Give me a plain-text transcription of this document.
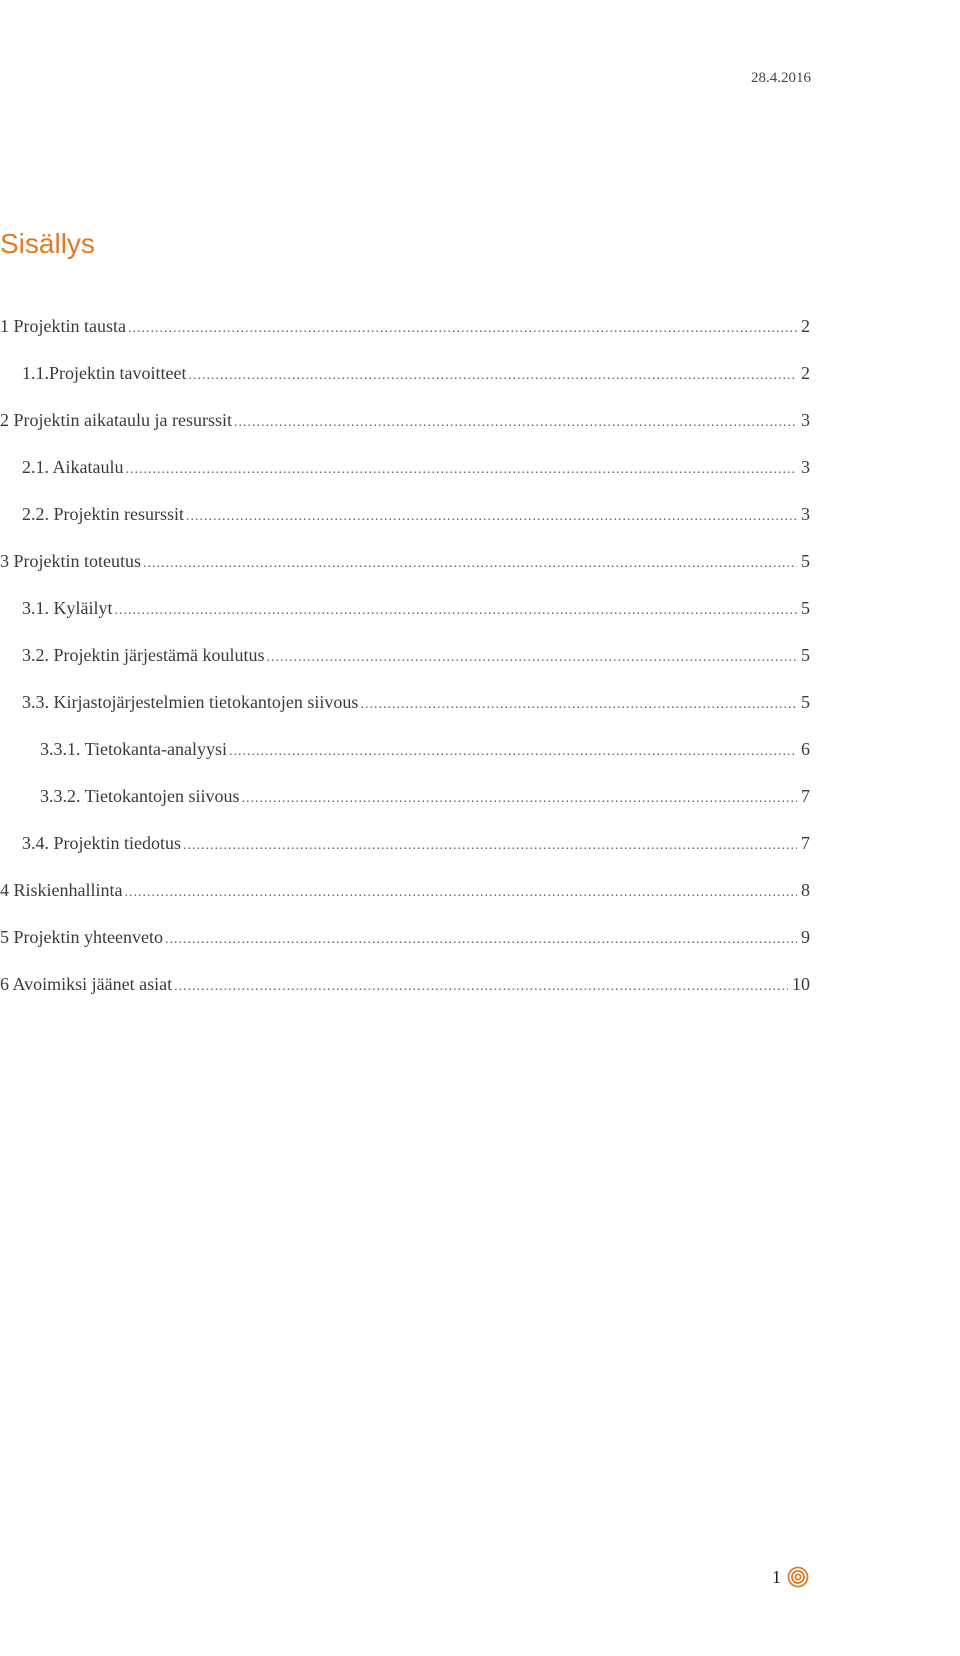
28.4.2016
Sisällys
1 Projektin tausta .....	2
1.1.Projektin tavoitteet .....	2
2 Projektin aikataulu ja resurssit .....	3
2.1. Aikataulu .....	3
2.2. Projektin resurssit .....	3
3 Projektin toteutus .....	5
3.1. Kyläilyt .....	5
3.2. Projektin järjestämä koulutus .....	5
3.3. Kirjastojärjestelmien tietokantojen siivous .....	5
3.3.1. Tietokanta-analyysi .....	6
3.3.2. Tietokantojen siivous .....	7
3.4. Projektin tiedotus .....	7
4 Riskienhallinta .....	8
5 Projektin yhteenveto .....	9
6 Avoimiksi jäänet asiat .....	10
1
